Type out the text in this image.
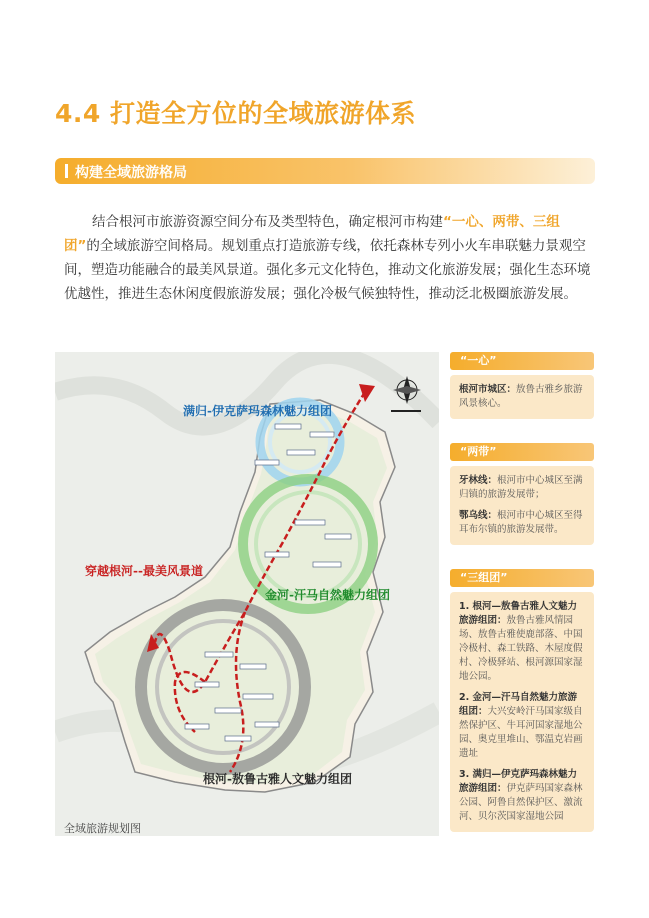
4.4 打造全方位的全域旅游体系
构建全域旅游格局
结合根河市旅游资源空间分布及类型特色，确定根河市构建“一心、两带、三组团”的全域旅游空间格局。规划重点打造旅游专线，依托森林专列小火车串联魅力景观空间，塑造功能融合的最美风景道。强化多元文化特色，推动文化旅游发展；强化生态环境优越性，推进生态休闲度假旅游发展；强化冷极气候独特性，推动泛北极圈旅游发展。
满归-伊克萨玛森林魅力组团
金河-汗马自然魅力组团
根河-敖鲁古雅人文魅力组团
穿越根河--最美风景道
全域旅游规划图
“一心”
根河市城区：敖鲁古雅乡旅游风景核心。
“两带”

牙林线：根河市中心城区至满归镇的旅游发展带；

鄂乌线：根河市中心城区至得耳布尔镇的旅游发展带。

“三组团”

1. 根河—敖鲁古雅人文魅力旅游组团：敖鲁古雅风情园场、敖鲁古雅使鹿部落、中国冷极村、森工铁路、木屋度假村、冷极驿站、根河源国家湿地公园。

2. 金河—汗马自然魅力旅游组团：大兴安岭汗马国家级自然保护区、牛耳河国家湿地公园、奥克里堆山、鄂温克岩画遗址

3. 满归—伊克萨玛森林魅力旅游组团：伊克萨玛国家森林公园、阿鲁自然保护区、激流河、贝尔茨国家湿地公园
